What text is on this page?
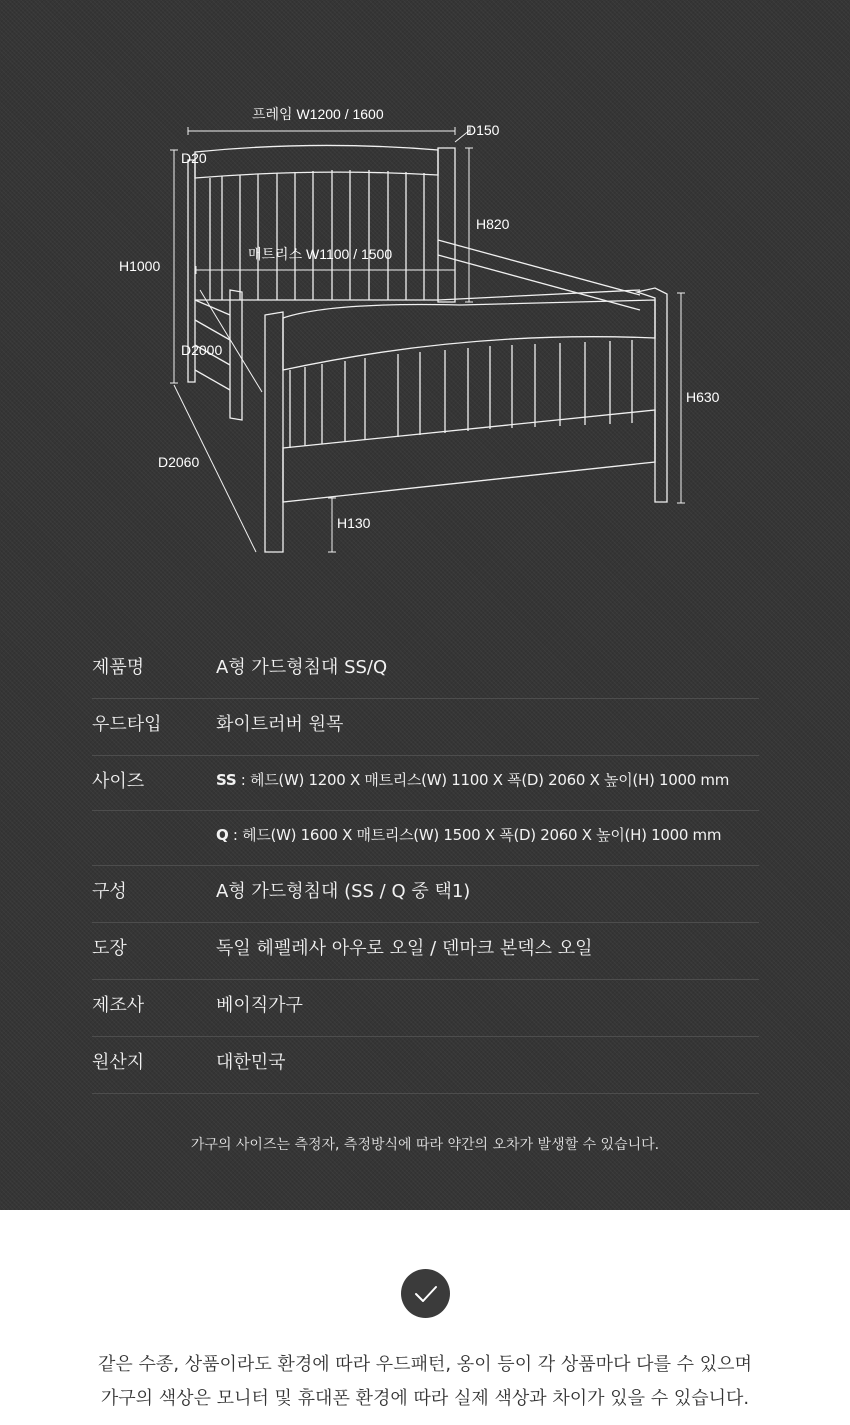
프레임 W1200 / 1600
D150
D20
H820
H1000
매트리스 W1100 / 1500
D2000
H630
D2060
H130
제품명	A형 가드형침대 SS/Q
우드타입	화이트러버 원목
사이즈	SS : 헤드(W) 1200 X 매트리스(W) 1100 X 폭(D) 2060 X 높이(H) 1000 mm
Q : 헤드(W) 1600 X 매트리스(W) 1500 X 폭(D) 2060 X 높이(H) 1000 mm
구성	A형 가드형침대 (SS / Q 중 택1)
도장	독일 헤펠레사 아우로 오일 / 덴마크 본덱스 오일
제조사	베이직가구
원산지	대한민국
가구의 사이즈는 측정자, 측정방식에 따라 약간의 오차가 발생할 수 있습니다.
같은 수종, 상품이라도 환경에 따라 우드패턴, 옹이 등이 각 상품마다 다를 수 있으며
가구의 색상은 모니터 및 휴대폰 환경에 따라 실제 색상과 차이가 있을 수 있습니다.
